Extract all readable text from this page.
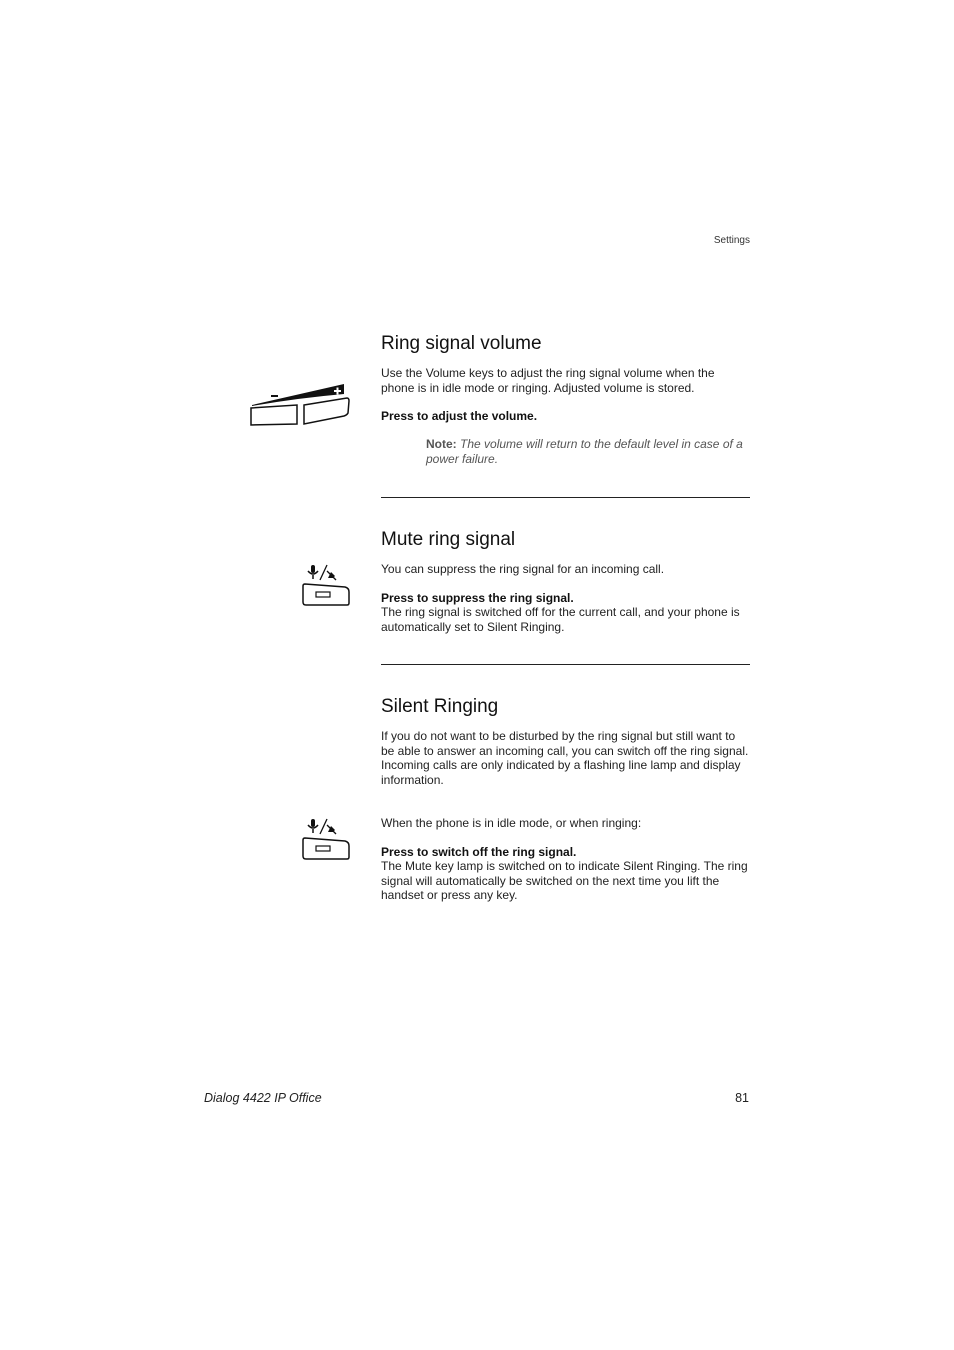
Settings
Ring signal volume
Use the Volume keys to adjust the ring signal volume when the phone is in idle mode or ringing. Adjusted volume is stored.
Press to adjust the volume.
Note: The volume will return to the default level in case of a power failure.
Mute ring signal
You can suppress the ring signal for an incoming call.
Press to suppress the ring signal.
The ring signal is switched off for the current call, and your phone is automatically set to Silent Ringing.
Silent Ringing
If you do not want to be disturbed by the ring signal but still want to be able to answer an incoming call, you can switch off the ring signal. Incoming calls are only indicated by a flashing line lamp and display information.
When the phone is in idle mode, or when ringing:
Press to switch off the ring signal.
The Mute key lamp is switched on to indicate Silent Ringing. The ring signal will automatically be switched on the next time you lift the handset or press any key.
Dialog 4422 IP Office	81
